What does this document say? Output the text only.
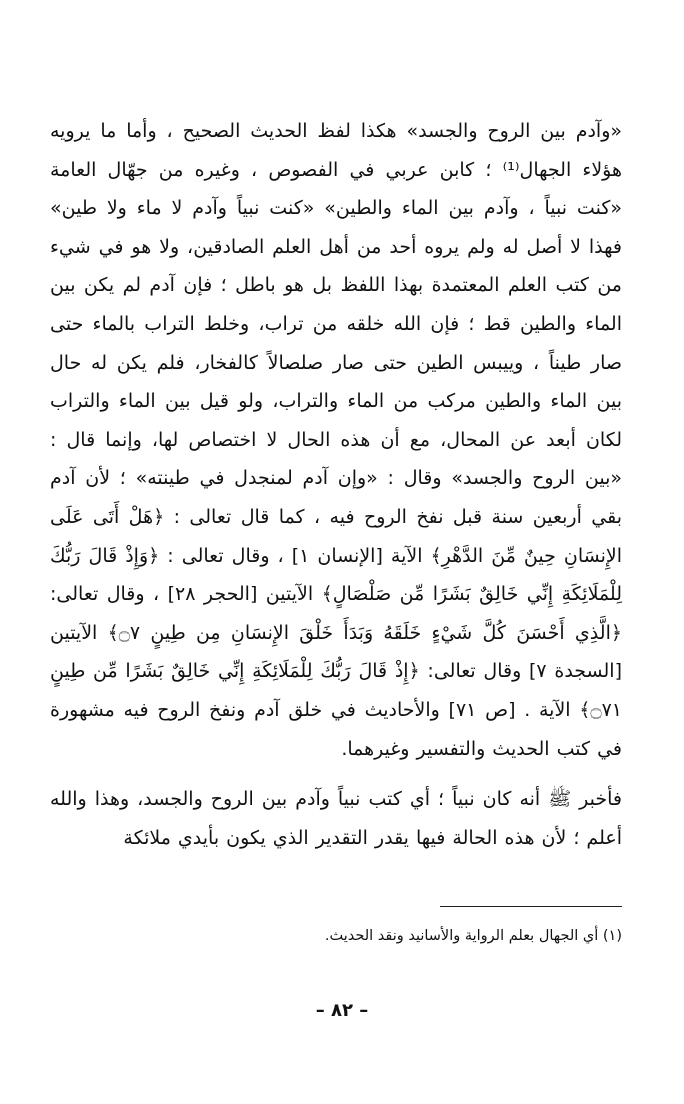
«وآدم بين الروح والجسد» هكذا لفظ الحديث الصحيح ، وأما ما يرويه هؤلاء الجهال⁽¹⁾ ؛ كابن عربي في الفصوص ، وغيره من جهّال العامة «كنت نبياً ، وآدم بين الماء والطين» «كنت نبياً وآدم لا ماء ولا طين» فهذا لا أصل له ولم يروه أحد من أهل العلم الصادقين، ولا هو في شيء من كتب العلم المعتمدة بهذا اللفظ بل هو باطل ؛ فإن آدم لم يكن بين الماء والطين قط ؛ فإن الله خلقه من تراب، وخلط التراب بالماء حتى صار طيناً ، وييبس الطين حتى صار صلصالاً كالفخار، فلم يكن له حال بين الماء والطين مركب من الماء والتراب، ولو قيل بين الماء والتراب لكان أبعد عن المحال، مع أن هذه الحال لا اختصاص لها، وإنما قال : «بين الروح والجسد» وقال : «وإن آدم لمنجدل في طينته» ؛ لأن آدم بقي أربعين سنة قبل نفخ الروح فيه ، كما قال تعالى : ﴿هَلْ أَتَى عَلَى الإِنسَانِ حِينٌ مِّنَ الدَّهْرِ﴾ الآية [الإنسان ١] ، وقال تعالى : ﴿وَإِذْ قَالَ رَبُّكَ لِلْمَلَائِكَةِ إِنِّي خَالِقٌ بَشَرًا مِّن صَلْصَالٍ﴾ الآيتين [الحجر ٢٨] ، وقال تعالى: ﴿الَّذِي أَحْسَنَ كُلَّ شَيْءٍ خَلَقَهُ وَبَدَأَ خَلْقَ الإِنسَانِ مِن طِينٍ ۝٧﴾ الآيتين [السجدة ٧] وقال تعالى: ﴿إِذْ قَالَ رَبُّكَ لِلْمَلَائِكَةِ إِنِّي خَالِقٌ بَشَرًا مِّن طِينٍ ۝٧١﴾ الآية . [ص ٧١] والأحاديث في خلق آدم ونفخ الروح فيه مشهورة في كتب الحديث والتفسير وغيرهما.

فأخبر ﷺ أنه كان نبياً ؛ أي كتب نبياً وآدم بين الروح والجسد، وهذا والله أعلم ؛ لأن هذه الحالة فيها يقدر التقدير الذي يكون بأيدي ملائكة

(١) أي الجهال بعلم الرواية والأسانيد ونقد الحديث.
– ٨٢ –
